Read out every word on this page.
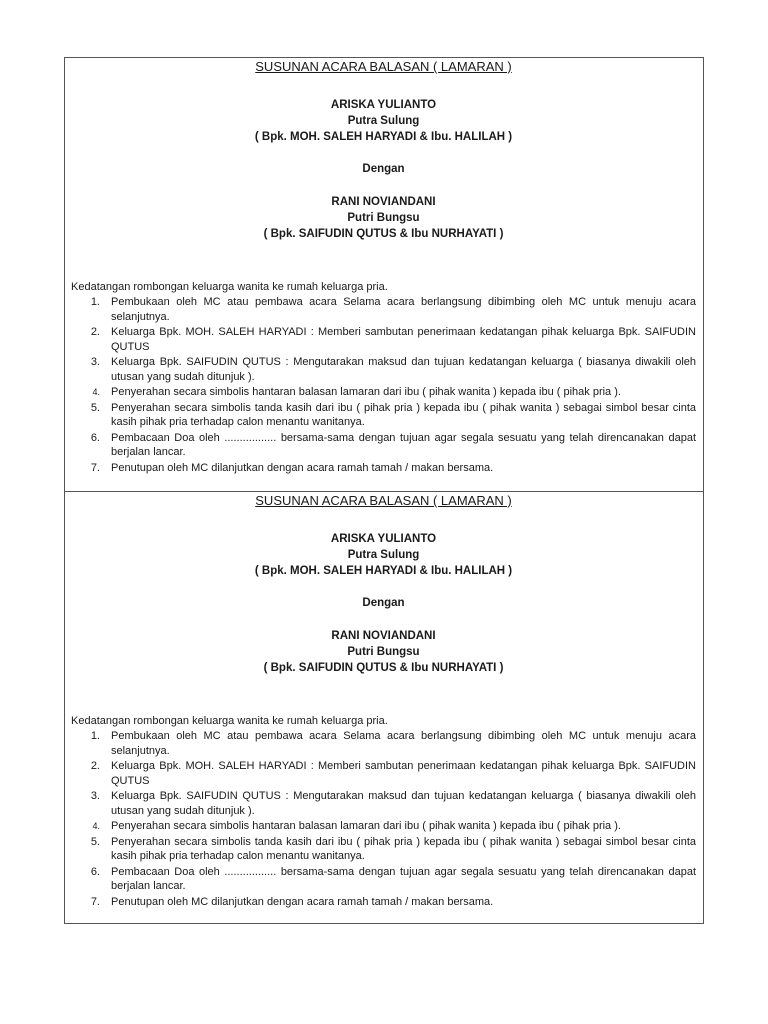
SUSUNAN ACARA BALASAN ( LAMARAN )
ARISKA YULIANTO
Putra Sulung
( Bpk. MOH. SALEH HARYADI & Ibu. HALILAH )
Dengan
RANI NOVIANDANI
Putri Bungsu
( Bpk. SAIFUDIN QUTUS & Ibu NURHAYATI )
Kedatangan rombongan keluarga wanita ke rumah keluarga pria.
1.	Pembukaan oleh MC atau pembawa acara Selama acara berlangsung dibimbing oleh MC untuk menuju acara selanjutnya.
2.	Keluarga Bpk. MOH. SALEH HARYADI : Memberi sambutan penerimaan kedatangan pihak keluarga Bpk. SAIFUDIN QUTUS
3.	Keluarga Bpk. SAIFUDIN QUTUS : Mengutarakan maksud dan tujuan kedatangan keluarga ( biasanya diwakili oleh utusan yang sudah ditunjuk ).
4.	Penyerahan secara simbolis hantaran balasan lamaran dari ibu ( pihak wanita ) kepada ibu ( pihak pria ).
5.	Penyerahan secara simbolis tanda kasih dari ibu ( pihak pria ) kepada ibu ( pihak wanita ) sebagai simbol besar cinta kasih pihak pria terhadap calon menantu wanitanya.
6.	Pembacaan Doa oleh ................. bersama-sama dengan tujuan agar segala sesuatu yang telah direncanakan dapat berjalan lancar.
7.	Penutupan oleh MC dilanjutkan dengan acara ramah tamah / makan bersama.
SUSUNAN ACARA BALASAN ( LAMARAN )
ARISKA YULIANTO
Putra Sulung
( Bpk. MOH. SALEH HARYADI & Ibu. HALILAH )
Dengan
RANI NOVIANDANI
Putri Bungsu
( Bpk. SAIFUDIN QUTUS & Ibu NURHAYATI )
Kedatangan rombongan keluarga wanita ke rumah keluarga pria.
1.	Pembukaan oleh MC atau pembawa acara Selama acara berlangsung dibimbing oleh MC untuk menuju acara selanjutnya.
2.	Keluarga Bpk. MOH. SALEH HARYADI : Memberi sambutan penerimaan kedatangan pihak keluarga Bpk. SAIFUDIN QUTUS
3.	Keluarga Bpk. SAIFUDIN QUTUS : Mengutarakan maksud dan tujuan kedatangan keluarga ( biasanya diwakili oleh utusan yang sudah ditunjuk ).
4.	Penyerahan secara simbolis hantaran balasan lamaran dari ibu ( pihak wanita ) kepada ibu ( pihak pria ).
5.	Penyerahan secara simbolis tanda kasih dari ibu ( pihak pria ) kepada ibu ( pihak wanita ) sebagai simbol besar cinta kasih pihak pria terhadap calon menantu wanitanya.
6.	Pembacaan Doa oleh ................. bersama-sama dengan tujuan agar segala sesuatu yang telah direncanakan dapat berjalan lancar.
7.	Penutupan oleh MC dilanjutkan dengan acara ramah tamah / makan bersama.
